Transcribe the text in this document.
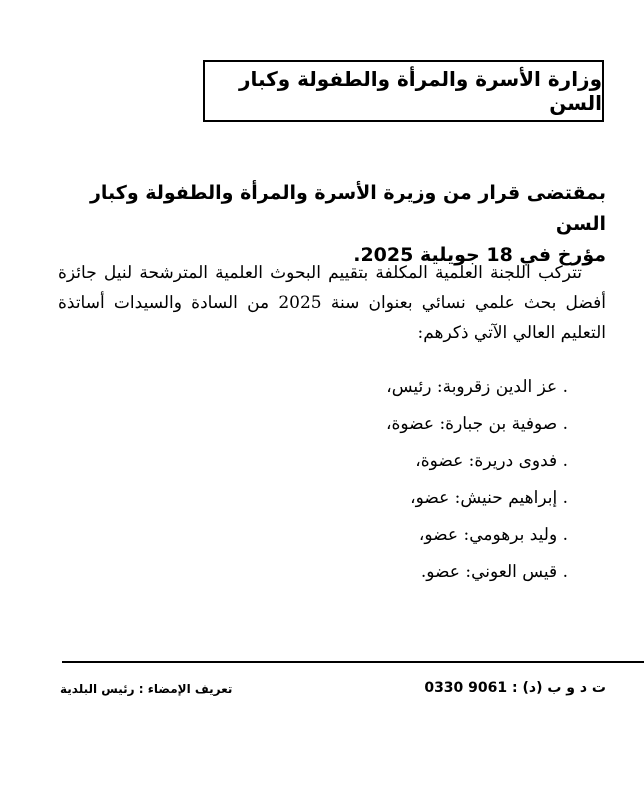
وزارة الأسرة والمرأة والطفولة وكبار السن
بمقتضى قرار من وزيرة الأسرة والمرأة والطفولة وكبار السن
مؤرخ في 18 جويلية 2025.

تتركب اللجنة العلمية المكلفة بتقييم البحوث العلمية المترشحة لنيل جائزة أفضل بحث علمي نسائي بعنوان سنة 2025 من السادة والسيدات أساتذة التعليم العالي الآتي ذكرهم:

. عز الدين زقروبة: رئيس،
. صوفية بن جبارة: عضوة،
. فدوى دريرة: عضوة،
. إبراهيم حنيش: عضو،
. وليد برهومي: عضو،
. قيس العوني: عضو.
ت د و ب (د) : 0330 9061
تعريف الإمضاء : رئيس البلدية
